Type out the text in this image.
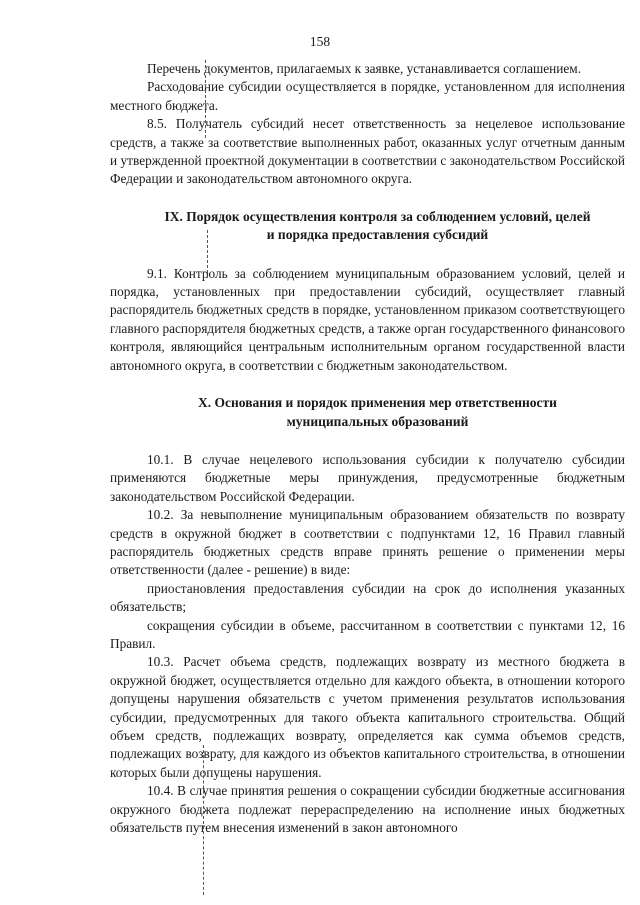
158

Перечень документов, прилагаемых к заявке, устанавливается соглашением.

Расходование субсидии осуществляется в порядке, установленном для исполнения местного бюджета.

8.5. Получатель субсидий несет ответственность за нецелевое использование средств, а также за соответствие выполненных работ, оказанных услуг отчетным данным и утвержденной проектной документации в соответствии с законодательством Российской Федерации и законодательством автономного округа.

IX. Порядок осуществления контроля за соблюдением условий, целей
и порядка предоставления субсидий

9.1. Контроль за соблюдением муниципальным образованием условий, целей и порядка, установленных при предоставлении субсидий, осуществляет главный распорядитель бюджетных средств в порядке, установленном приказом соответствующего главного распорядителя бюджетных средств, а также орган государственного финансового контроля, являющийся центральным исполнительным органом государственной власти автономного округа, в соответствии с бюджетным законодательством.

X. Основания и порядок применения мер ответственности
муниципальных образований

10.1. В случае нецелевого использования субсидии к получателю субсидии применяются бюджетные меры принуждения, предусмотренные бюджетным законодательством Российской Федерации.

10.2. За невыполнение муниципальным образованием обязательств по возврату средств в окружной бюджет в соответствии с подпунктами 12, 16 Правил главный распорядитель бюджетных средств вправе принять решение о применении меры ответственности (далее - решение) в виде:

приостановления предоставления субсидии на срок до исполнения указанных обязательств;

сокращения субсидии в объеме, рассчитанном в соответствии с пунктами 12, 16 Правил.

10.3. Расчет объема средств, подлежащих возврату из местного бюджета в окружной бюджет, осуществляется отдельно для каждого объекта, в отношении которого допущены нарушения обязательств с учетом применения результатов использования субсидии, предусмотренных для такого объекта капитального строительства. Общий объем средств, подлежащих возврату, определяется как сумма объемов средств, подлежащих возврату, для каждого из объектов капитального строительства, в отношении которых были допущены нарушения.

10.4. В случае принятия решения о сокращении субсидии бюджетные ассигнования окружного бюджета подлежат перераспределению на исполнение иных бюджетных обязательств путем внесения изменений в закон автономного
